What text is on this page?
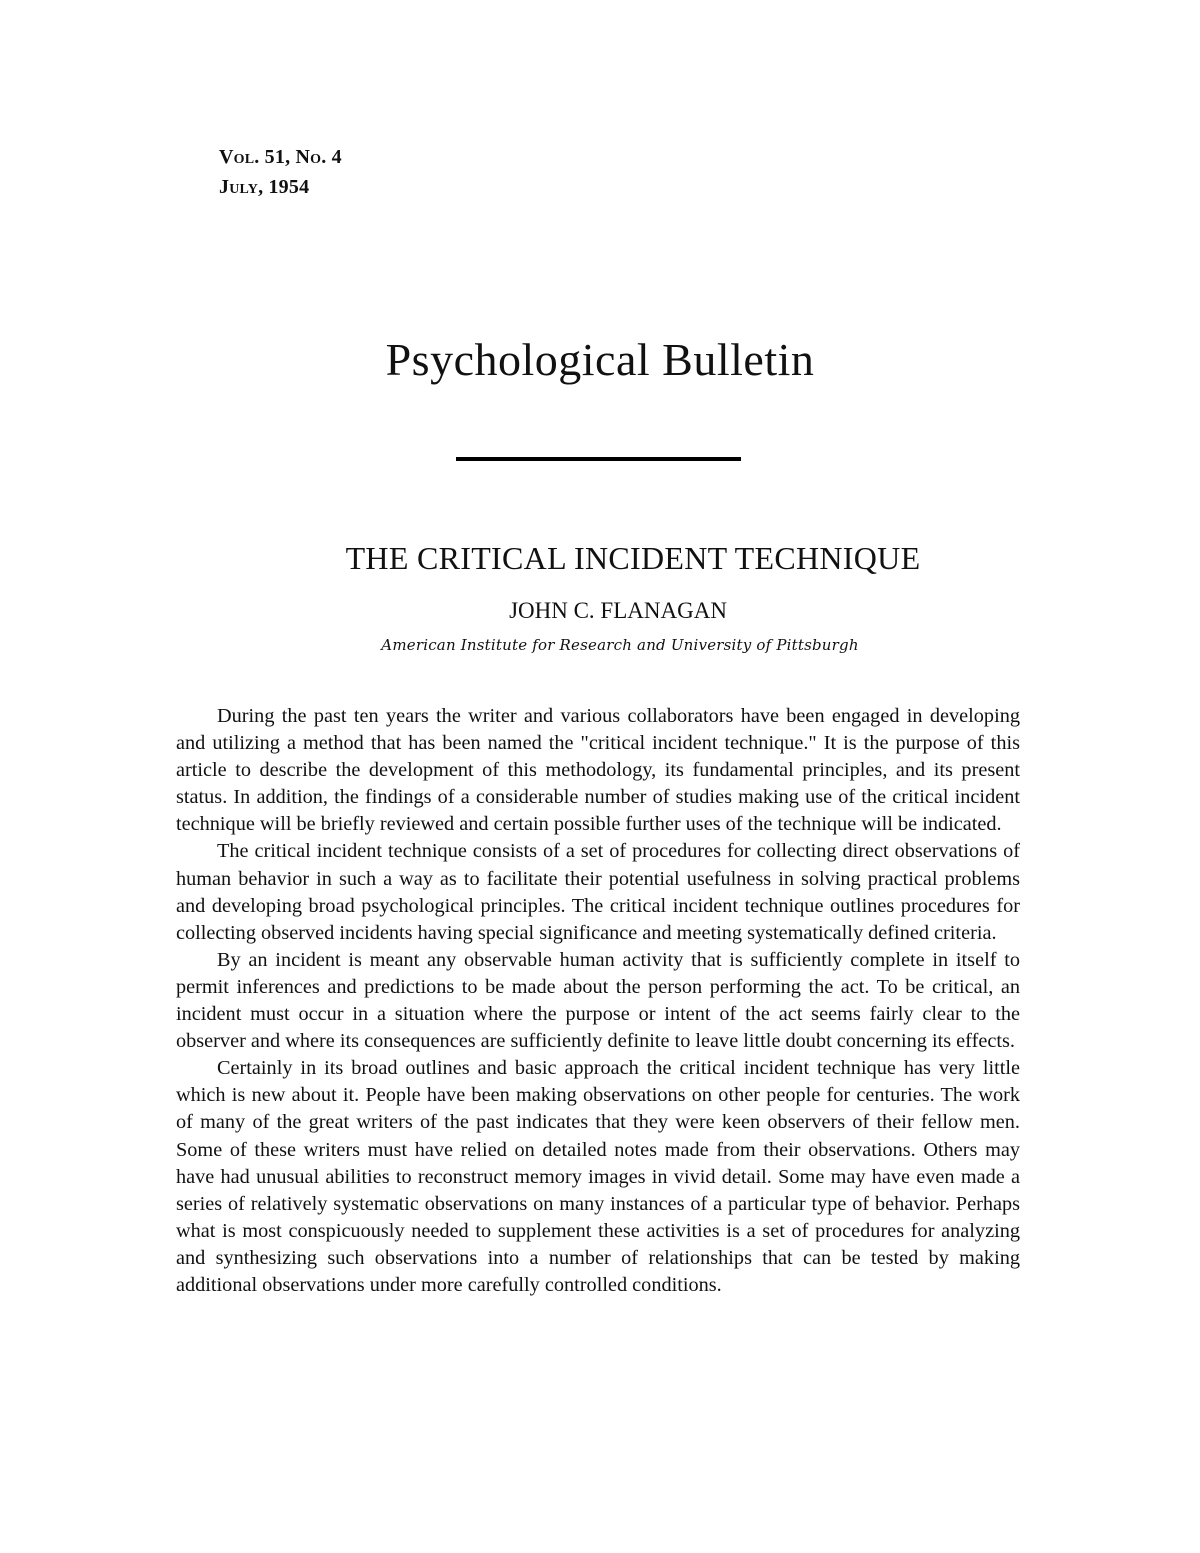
Vol. 51, No. 4
July, 1954
Psychological Bulletin
THE CRITICAL INCIDENT TECHNIQUE
JOHN C. FLANAGAN
American Institute for Research and University of Pittsburgh

During the past ten years the writer and various collaborators have been engaged in developing and utilizing a method that has been named the "critical incident technique." It is the purpose of this article to describe the development of this methodology, its fundamental principles, and its present status. In addition, the findings of a considerable number of studies making use of the critical incident technique will be briefly reviewed and certain possible further uses of the technique will be indicated.

The critical incident technique consists of a set of procedures for collecting direct observations of human behavior in such a way as to facilitate their potential usefulness in solving practical problems and developing broad psychological principles. The critical incident technique outlines procedures for collecting observed incidents having special significance and meeting systematically defined criteria.

By an incident is meant any observable human activity that is sufficiently complete in itself to permit inferences and predictions to be made about the person performing the act. To be critical, an incident must occur in a situation where the purpose or intent of the act seems fairly clear to the observer and where its consequences are sufficiently definite to leave little doubt concerning its effects.

Certainly in its broad outlines and basic approach the critical incident technique has very little which is new about it. People have been making observations on other people for centuries. The work of many of the great writers of the past indicates that they were keen observers of their fellow men. Some of these writers must have relied on detailed notes made from their observations. Others may have had unusual abilities to reconstruct memory images in vivid detail. Some may have even made a series of relatively systematic observations on many instances of a particular type of behavior. Perhaps what is most conspicuously needed to supplement these activities is a set of procedures for analyzing and synthesizing such observations into a number of relationships that can be tested by making additional observations under more carefully controlled conditions.
